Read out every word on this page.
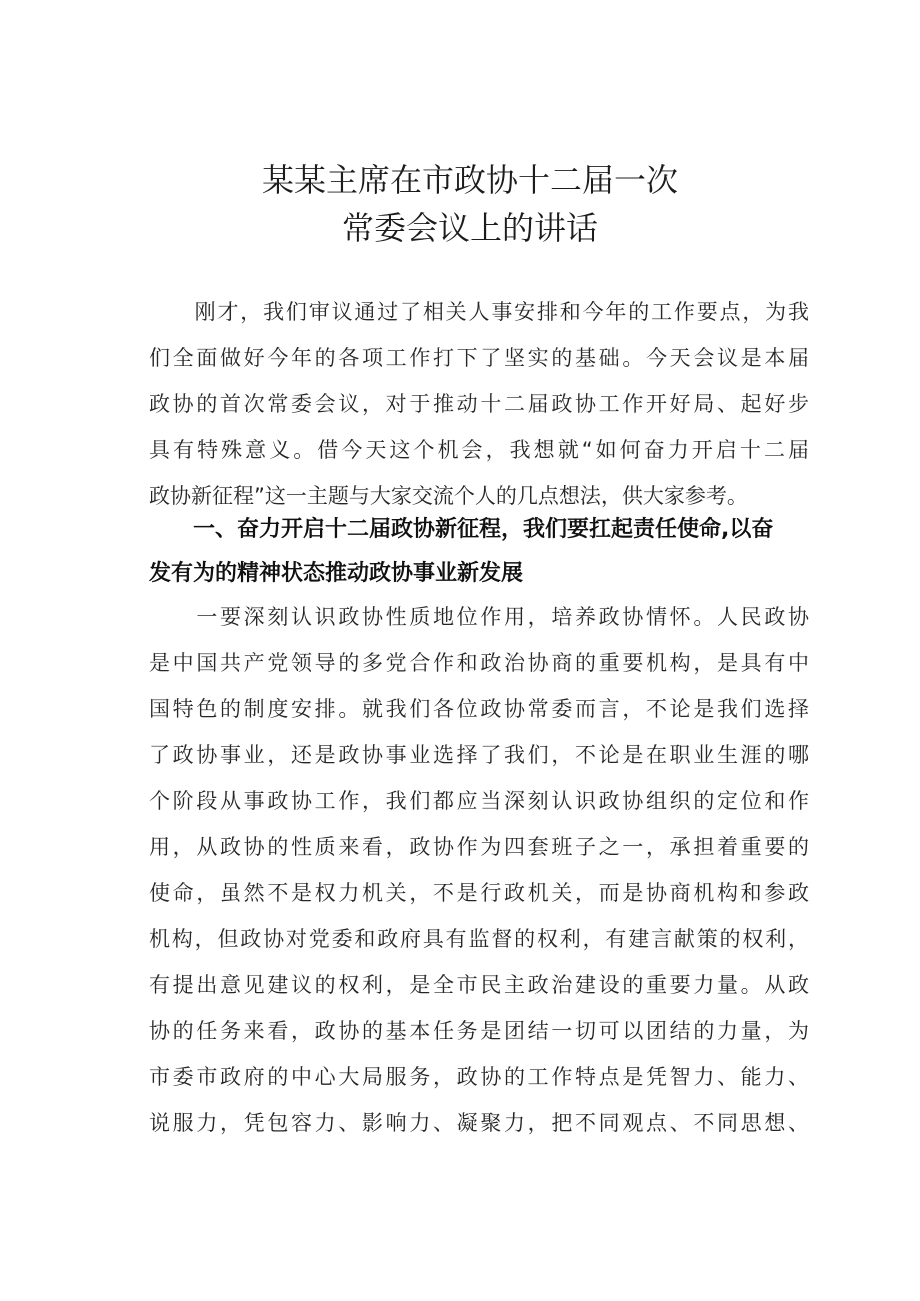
某某主席在市政协十二届一次
常委会议上的讲话
　　刚才，我们审议通过了相关人事安排和今年的工作要点，为我
们全面做好今年的各项工作打下了坚实的基础。今天会议是本届
政协的首次常委会议，对于推动十二届政协工作开好局、起好步
具有特殊意义。借今天这个机会，我想就“如何奋力开启十二届
政协新征程”这一主题与大家交流个人的几点想法，供大家参考。
　　一、奋力开启十二届政协新征程，我们要扛起责任使命,以奋
发有为的精神状态推动政协事业新发展
　　一要深刻认识政协性质地位作用，培养政协情怀。人民政协
是中国共产党领导的多党合作和政治协商的重要机构，是具有中
国特色的制度安排。就我们各位政协常委而言，不论是我们选择
了政协事业，还是政协事业选择了我们，不论是在职业生涯的哪
个阶段从事政协工作，我们都应当深刻认识政协组织的定位和作
用，从政协的性质来看，政协作为四套班子之一，承担着重要的
使命，虽然不是权力机关，不是行政机关，而是协商机构和参政
机构，但政协对党委和政府具有监督的权利，有建言献策的权利，
有提出意见建议的权利，是全市民主政治建设的重要力量。从政
协的任务来看，政协的基本任务是团结一切可以团结的力量，为
市委市政府的中心大局服务，政协的工作特点是凭智力、能力、
说服力，凭包容力、影响力、凝聚力，把不同观点、不同思想、
